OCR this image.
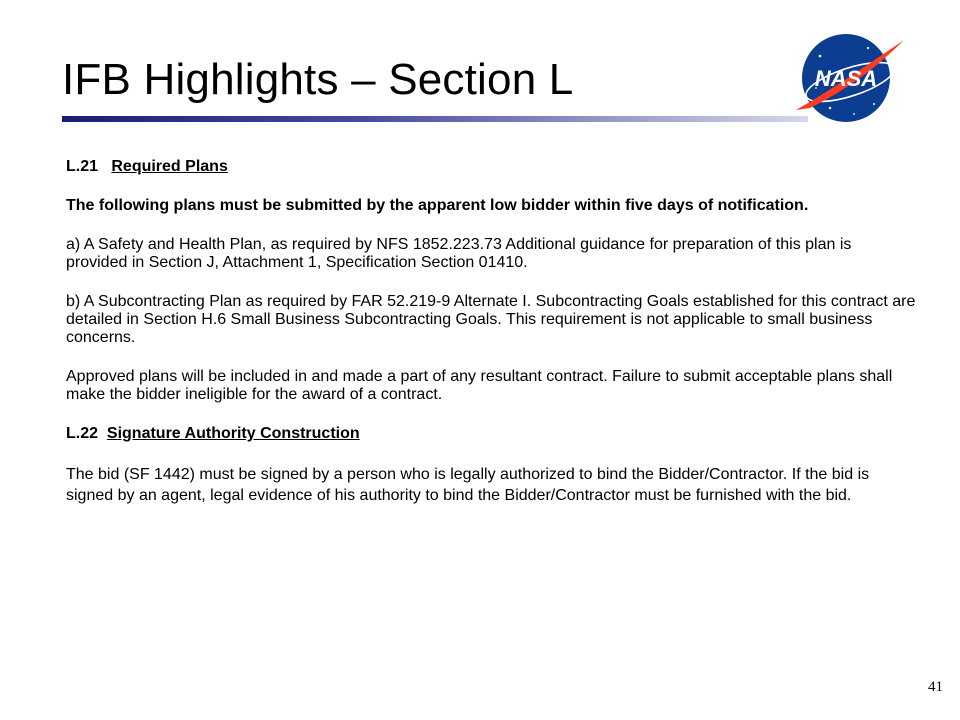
IFB Highlights – Section L	NASA

L.21 Required Plans

The following plans must be submitted by the apparent low bidder within five days of notification.

a) A Safety and Health Plan, as required by NFS 1852.223.73 Additional guidance for preparation of this plan is provided in Section J, Attachment 1, Specification Section 01410.

b) A Subcontracting Plan as required by FAR 52.219-9 Alternate I. Subcontracting Goals established for this contract are detailed in Section H.6 Small Business Subcontracting Goals. This requirement is not applicable to small business concerns.

Approved plans will be included in and made a part of any resultant contract. Failure to submit acceptable plans shall make the bidder ineligible for the award of a contract.

L.22 Signature Authority Construction

The bid (SF 1442) must be signed by a person who is legally authorized to bind the Bidder/Contractor. If the bid is signed by an agent, legal evidence of his authority to bind the Bidder/Contractor must be furnished with the bid.

41
